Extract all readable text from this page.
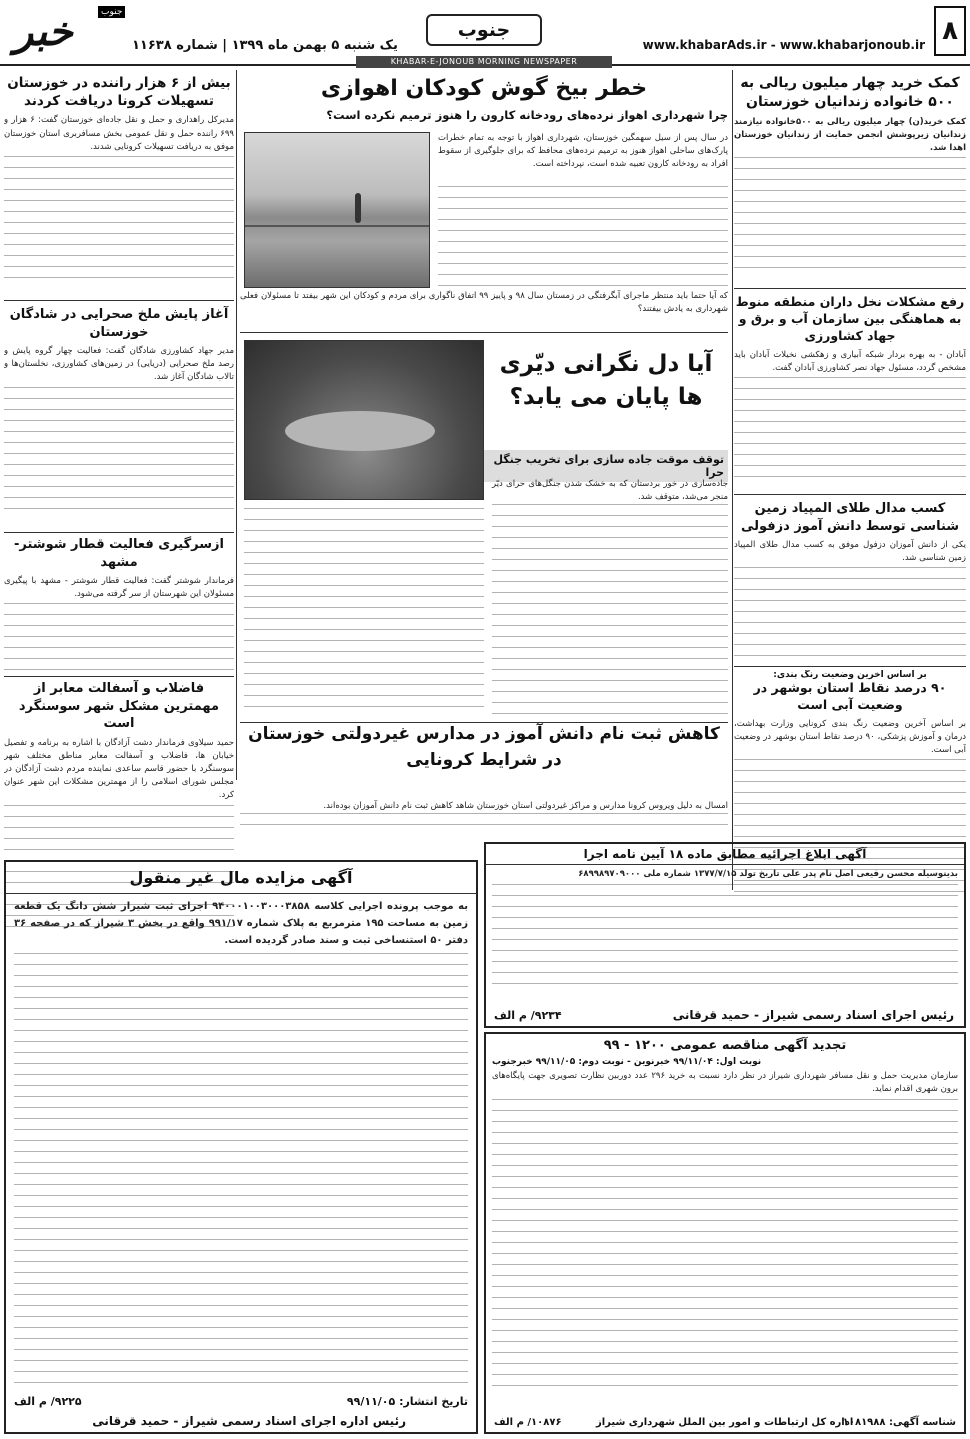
خبر	جنوب
یک شنبه ۵ بهمن ماه ۱۳۹۹ | شماره ۱۱۶۳۸
جنوب
www.khabarAds.ir - www.khabarjonoub.ir ۸
KHABAR-E-JONOUB MORNING NEWSPAPER
کمک خرید چهار میلیون ریالی به ۵۰۰ خانواده زندانیان خوزستان
کمک خرید(ن) چهار میلیون ریالی به ۵۰۰خانواده نیازمند زندانیان زیرپوشش انجمن حمایت از زندانیان خوزستان اهدا شد.
رفع مشکلات نخل داران منطقه منوط به هماهنگی بین سازمان آب و برق و جهاد کشاورزی
آبادان - به بهره بردار شبکه آبیاری و زهکشی نخیلات آبادان باید مشخص گردد، مسئول جهاد نصر کشاورزی آبادان گفت.
کسب مدال طلای المپیاد زمین شناسی توسط دانش آموز دزفولی
یکی از دانش آموزان دزفول موفق به کسب مدال طلای المپیاد زمین شناسی شد.
بر اساس آخرین وضعیت رنگ بندی:
۹۰ درصد نقاط استان بوشهر در وضعیت آبی است
بر اساس آخرین وضعیت رنگ بندی کرونایی وزارت بهداشت، درمان و آموزش پزشکی، ۹۰ درصد نقاط استان بوشهر در وضعیت آبی است.
خطر بیخ گوش کودکان اهوازی
چرا شهرداری اهواز نرده‌های رودخانه کارون را هنوز ترمیم نکرده است؟
در سال پس از سیل سهمگین خوزستان، شهرداری اهواز با توجه به تمام خطرات پارک‌های ساحلی اهواز هنوز به ترمیم نرده‌های محافظ که برای جلوگیری از سقوط افراد به رودخانه کارون تعبیه شده است، نپرداخته است.
که آیا حتما باید منتظر ماجرای آبگرفتگی در زمستان سال ۹۸ و پاییز ۹۹ اتفاق ناگواری برای مردم و کودکان این شهر بیفتد تا مسئولان فعلی شهرداری به یادش بیفتند؟
آیا دل نگرانی دیّری ها پایان می یابد؟
توقف موقت جاده سازی برای تخریب جنگل حرا
جاده‌سازی در خور بردستان که به خشک شدن جنگل‌های حرای دیّر منجر می‌شد، متوقف شد.
بیش از ۶ هزار راننده در خوزستان تسهیلات کرونا دریافت کردند
مدیرکل راهداری و حمل و نقل جاده‌ای خوزستان گفت: ۶ هزار و ۶۹۹ راننده حمل و نقل عمومی بخش مسافربری استان خوزستان موفق به دریافت تسهیلات کرونایی شدند.
آغاز پایش ملخ صحرایی در شادگان خوزستان
مدیر جهاد کشاورزی شادگان گفت: فعالیت چهار گروه پایش و رصد ملخ صحرایی (دریایی) در زمین‌های کشاورزی، نخلستان‌ها و تالاب شادگان آغاز شد.
ازسرگیری فعالیت قطار شوشتر-مشهد
فرماندار شوشتر گفت: فعالیت قطار شوشتر - مشهد با پیگیری مسئولان این شهرستان از سر گرفته می‌شود.
فاضلاب و آسفالت معابر از مهمترین مشکل شهر سوسنگرد است
حمید سیلاوی فرماندار دشت آزادگان با اشاره به برنامه و تفصیل خیابان ها، فاضلاب و آسفالت معابر مناطق مختلف شهر سوسنگرد با حضور قاسم ساعدی نماینده مردم دشت آزادگان در مجلس شورای اسلامی را از مهمترین مشکلات این شهر عنوان کرد.
کاهش ثبت نام دانش آموز در مدارس غیردولتی خوزستان در شرایط کرونایی
امسال به دلیل ویروس کرونا مدارس و مراکز غیردولتی استان خوزستان شاهد کاهش ثبت نام دانش آموزان بوده‌اند.
آگهی ابلاغ اجرائیه مطابق ماده ۱۸ آیین نامه اجرا
بدینوسیله محسن رفیعی اصل نام پدر علی تاریخ تولد ۱۳۷۷/۷/۱۵ شماره ملی ۶۸۹۹۸۹۷۰۹۰۰۰
۹۲۳۴/ م الف	رئیس اجرای اسناد رسمی شیراز - حمید قرقانی
تجدید آگهی مناقصه عمومی ۱۲۰۰ - ۹۹
نوبت اول: ۹۹/۱۱/۰۴ خبرنوین - نوبت دوم: ۹۹/۱۱/۰۵ خبرجنوب
سازمان مدیریت حمل و نقل مسافر شهرداری شیراز در نظر دارد نسبت به خرید ۲۹۶ عدد دوربین نظارت تصویری جهت پایگاه‌های برون شهری اقدام نماید.
شناسه آگهی: ۱۰۸۱۹۸۸
۱۰۸۷۶/ م الف	اداره کل ارتباطات و امور بین الملل شهرداری شیراز
آگهی مزایده مال غیر منقول
به موجب پرونده اجرایی کلاسه ۹۴۰۰۰۱۰۰۳۰۰۰۳۸۵۸ اجرای ثبت شیراز شش دانگ یک قطعه زمین به مساحت ۱۹۵ مترمربع به پلاک شماره ۹۹۱/۱۷ واقع در بخش ۳ شیراز که در صفحه ۳۶ دفتر ۵۰ استنساخی ثبت و سند صادر گردیده است.
تاریخ انتشار: ۹۹/۱۱/۰۵
۹۲۲۵/ م الف
رئیس اداره اجرای اسناد رسمی شیراز - حمید قرقانی
